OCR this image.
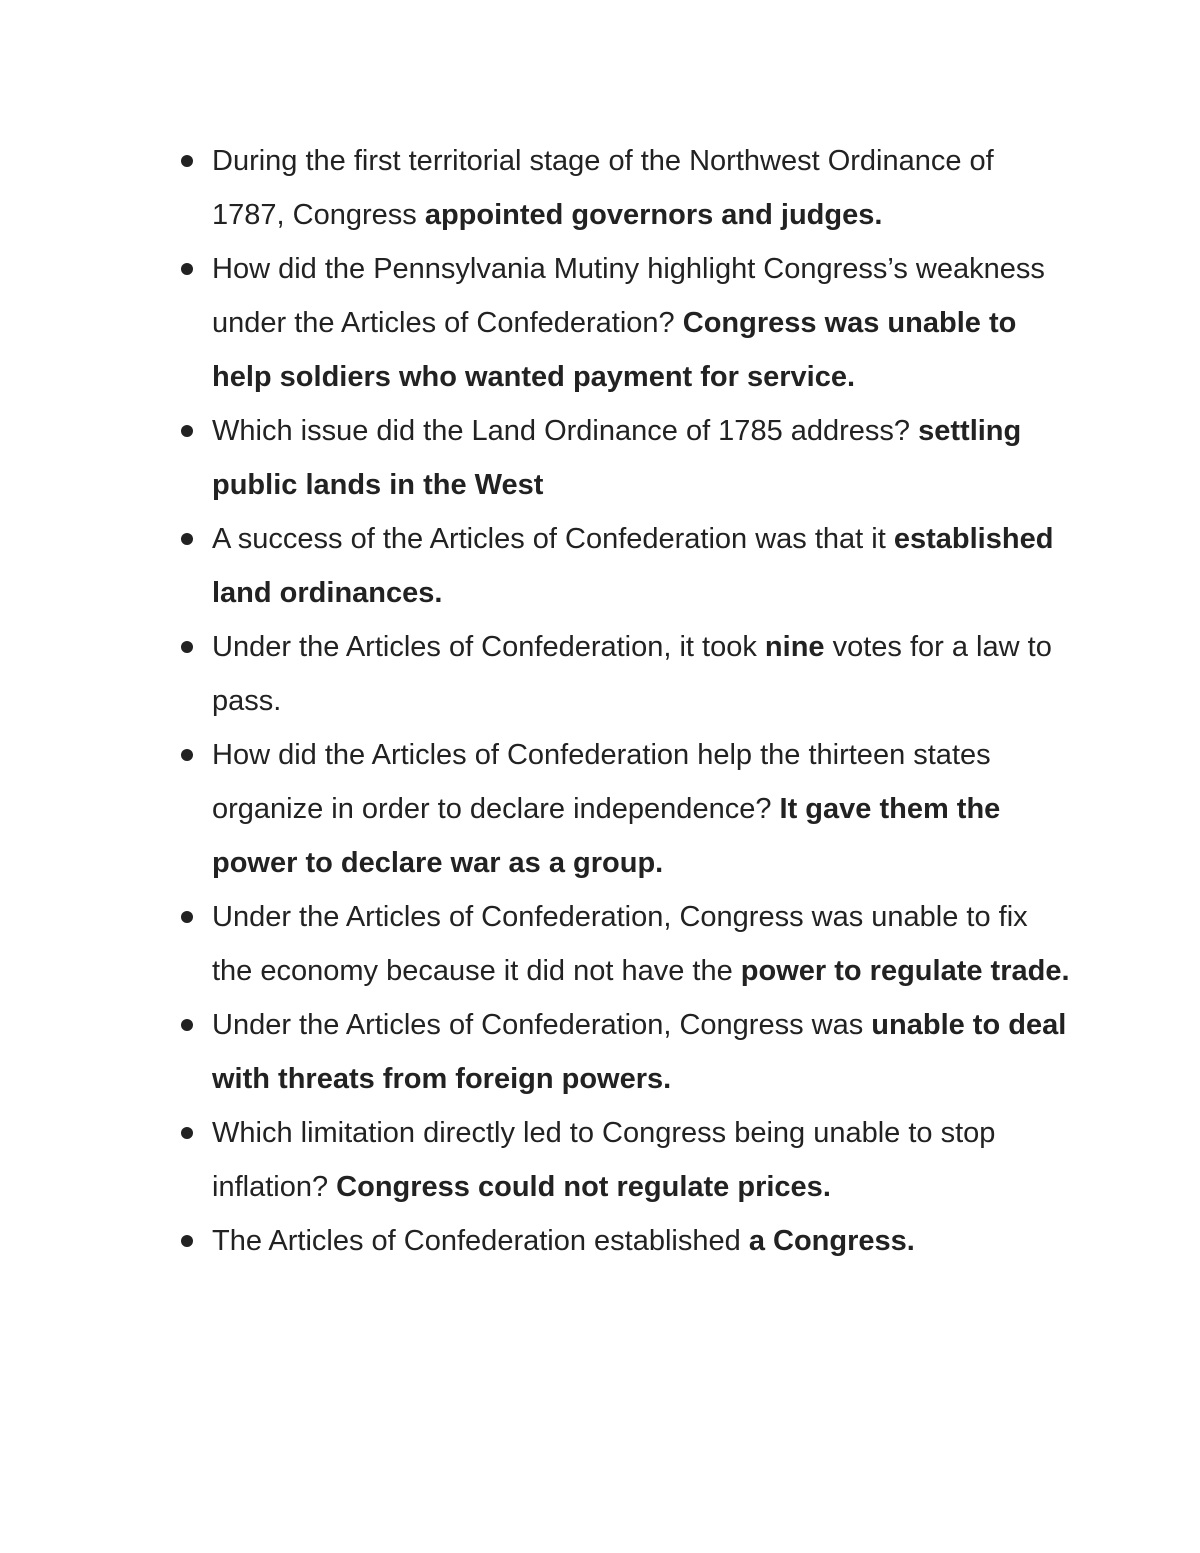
During the first territorial stage of the Northwest Ordinance of 1787, Congress appointed governors and judges.
How did the Pennsylvania Mutiny highlight Congress’s weakness under the Articles of Confederation? Congress was unable to help soldiers who wanted payment for service.
Which issue did the Land Ordinance of 1785 address? settling public lands in the West
A success of the Articles of Confederation was that it established land ordinances.
Under the Articles of Confederation, it took nine votes for a law to pass.
How did the Articles of Confederation help the thirteen states organize in order to declare independence? It gave them the power to declare war as a group.
Under the Articles of Confederation, Congress was unable to fix the economy because it did not have the power to regulate trade.
Under the Articles of Confederation, Congress was unable to deal with threats from foreign powers.
Which limitation directly led to Congress being unable to stop inflation? Congress could not regulate prices.
The Articles of Confederation established a Congress.
